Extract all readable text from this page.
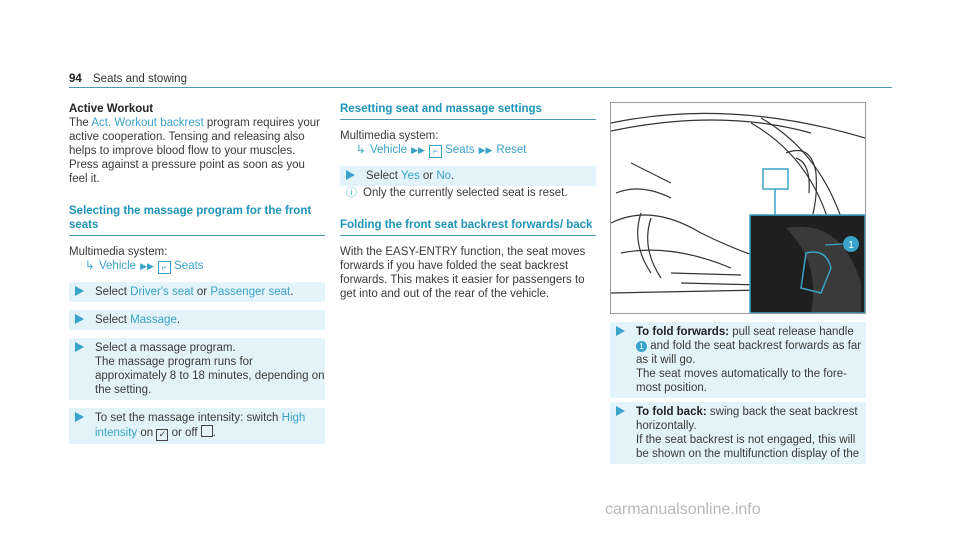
94 Seats and stowing
Active Workout
The Act. Workout backrest program requires your active cooperation. Tensing and releasing also helps to improve blood flow to your muscles. Press against a pressure point as soon as you feel it.
Selecting the massage program for the front seats
Multimedia system:
↳ Vehicle ▶▶ ⌐ Seats
Select Driver's seat or Passenger seat.
Select Massage.
Select a massage program.
The massage program runs for approximately 8 to 18 minutes, depending on the setting.
To set the massage intensity: switch High intensity on ✓ or off .
Resetting seat and massage settings
Multimedia system:
↳ Vehicle ▶▶ ⌐ Seats ▶▶ Reset
Select Yes or No.
ⓘ Only the currently selected seat is reset.
Folding the front seat backrest forwards/ back
With the EASY-ENTRY function, the seat moves forwards if you have folded the seat backrest forwards. This makes it easier for passengers to get into and out of the rear of the vehicle.
1
To fold forwards: pull seat release handle 1 and fold the seat backrest forwards as far as it will go.
The seat moves automatically to the fore-most position.
To fold back: swing back the seat backrest horizontally.
If the seat backrest is not engaged, this will be shown on the multifunction display of the
carmanualsonline.info
